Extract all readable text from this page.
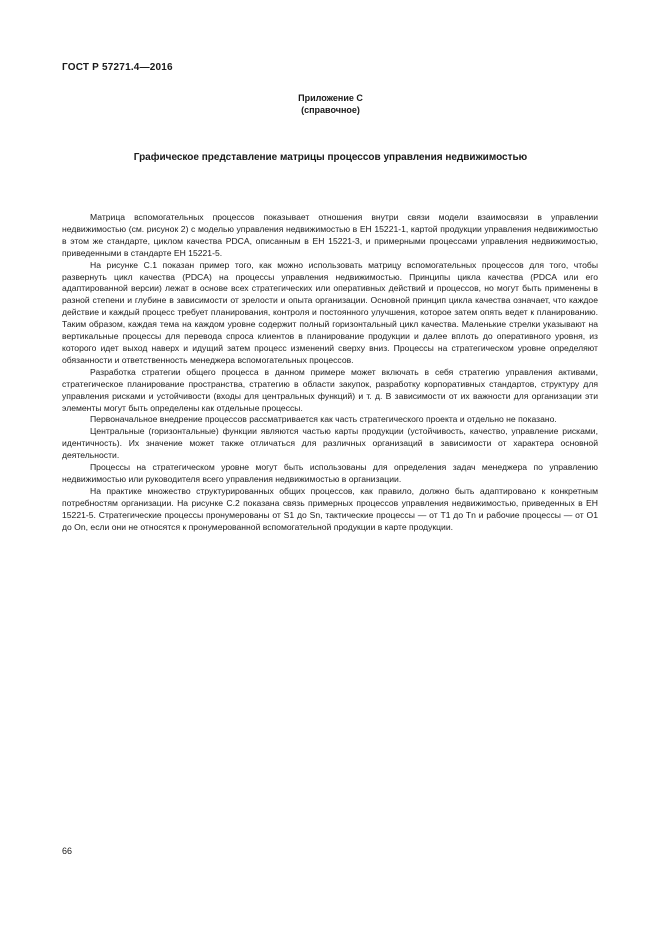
ГОСТ Р 57271.4—2016
Приложение С
(справочное)
Графическое представление матрицы процессов управления недвижимостью

Матрица вспомогательных процессов показывает отношения внутри связи модели взаимосвязи в управлении недвижимостью (см. рисунок 2) с моделью управления недвижимостью в ЕН 15221-1, картой продукции управления недвижимостью в этом же стандарте, циклом качества PDCA, описанным в ЕН 15221-3, и примерными процессами управления недвижимостью, приведенными в стандарте ЕН 15221-5.

На рисунке С.1 показан пример того, как можно использовать матрицу вспомогательных процессов для того, чтобы развернуть цикл качества (PDCA) на процессы управления недвижимостью. Принципы цикла качества (PDCA или его адаптированной версии) лежат в основе всех стратегических или оперативных действий и процессов, но могут быть применены в разной степени и глубине в зависимости от зрелости и опыта организации. Основной принцип цикла качества означает, что каждое действие и каждый процесс требует планирования, контроля и постоянного улучшения, которое затем опять ведет к планированию. Таким образом, каждая тема на каждом уровне содержит полный горизонтальный цикл качества. Маленькие стрелки указывают на вертикальные процессы для перевода спроса клиентов в планирование продукции и далее вплоть до оперативного уровня, из которого идет выход наверх и идущий затем процесс изменений сверху вниз. Процессы на стратегическом уровне определяют обязанности и ответственность менеджера вспомогательных процессов.

Разработка стратегии общего процесса в данном примере может включать в себя стратегию управления активами, стратегическое планирование пространства, стратегию в области закупок, разработку корпоративных стандартов, структуру для управления рисками и устойчивости (входы для центральных функций) и т. д. В зависимости от их важности для организации эти элементы могут быть определены как отдельные процессы.

Первоначальное внедрение процессов рассматривается как часть стратегического проекта и отдельно не показано.

Центральные (горизонтальные) функции являются частью карты продукции (устойчивость, качество, управление рисками, идентичность). Их значение может также отличаться для различных организаций в зависимости от характера основной деятельности.

Процессы на стратегическом уровне могут быть использованы для определения задач менеджера по управлению недвижимостью или руководителя всего управления недвижимостью в организации.

На практике множество структурированных общих процессов, как правило, должно быть адаптировано к конкретным потребностям организации. На рисунке С.2 показана связь примерных процессов управления недвижимостью, приведенных в ЕН 15221-5. Стратегические процессы пронумерованы от S1 до Sn, тактические процессы — от T1 до Tn и рабочие процессы — от O1 до On, если они не относятся к пронумерованной вспомогательной продукции в карте продукции.

66
